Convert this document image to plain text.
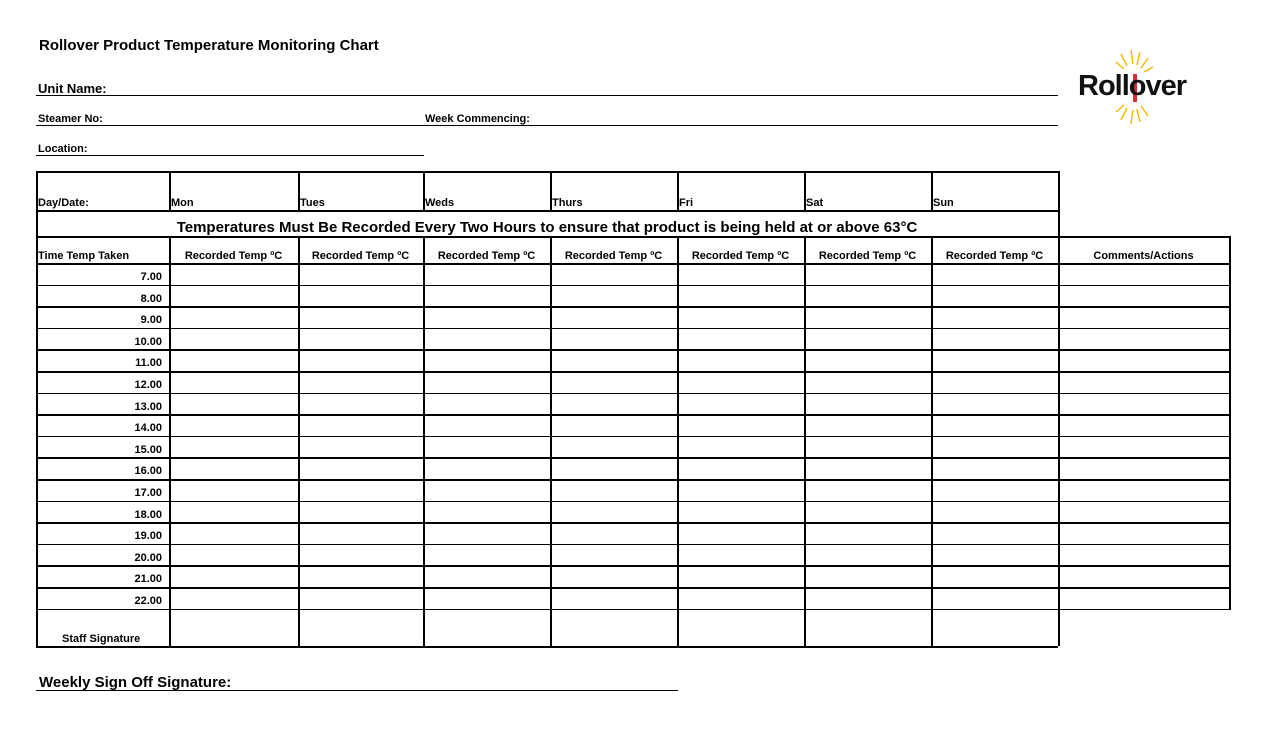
Rollover Product Temperature Monitoring Chart
Unit Name:
Steamer No:	Week Commencing:
Location:
Rollover
Day/Date:	Mon	Tues	Weds	Thurs	Fri	Sat	Sun
Time Temp Taken	Recorded Temp ºC	Recorded Temp ºC	Recorded Temp ºC	Recorded Temp ºC	Recorded Temp ºC	Recorded Temp ºC	Recorded Temp ºC	Comments/Actions
7.00
8.00
9.00
10.00
11.00
12.00
13.00
14.00
15.00
16.00
17.00
18.00
19.00
20.00
21.00
22.00
Staff Signature
Temperatures Must Be Recorded Every Two Hours to ensure that product is being held at or above 63°C
Weekly Sign Off Signature:
